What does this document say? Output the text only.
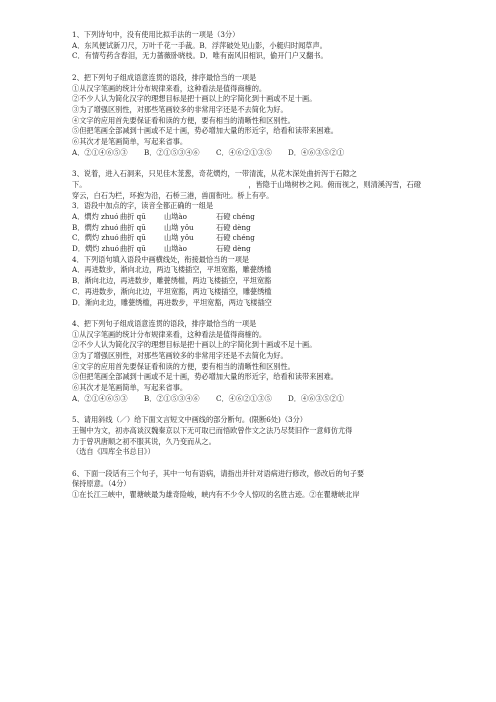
1、下列诗句中，没有使用比拟手法的一项是（3分）
A．东风便试新刀尺，万叶千花一手裁。B．浮萍破处见山影，小艇归时闻草声。
C．有情芍药含春泪，无力蔷薇卧晓枝。D．唯有南风旧相识，偷开门户又翻书。
2、把下列句子组成语意连贯的语段，排序最恰当的一项是
①从汉字笔画的统计分布规律来看，这种看法是值得商榷的。
②不少人认为简化汉字的理想目标是把十画以上的字简化到十画或不足十画。
③为了增强区别性，对那些笔画较多的非常用字还是不去简化为好。
④文字的应用首先要保证看和读的方便，要有相当的清晰性和区别性。
⑤但把笔画全部减到十画或不足十画，势必增加大量的形近字，给看和读带来困难。
⑥其次才是笔画简单，写起来省事。
A．②①④⑥⑤③	B．②①⑤③④⑥	C．④⑥②①③⑤	D．④⑥③⑤②①
3、说着，进入石洞来，只见佳木茏葱，奇花熌灼，一带清流，从花木深处曲折泻于石隙之
下。	，皆隐于山坳树杪之间。俯而视之，则清溪泻雪，石磴
穿云，白石为栏，环抱为沿，石桥三港，兽面衔吐。桥上有亭。
3．语段中加点的字，读音全都正确的一组是
A．熌灼 zhuó 曲折 qū	山坳ào	石磴 chéng
B．熌灼 zhuó曲折 qū	山坳 yǒu	石磴 dèng
C．熌灼 zhuó曲折 qū	山坳 yǒu	石磴 chéng
D．熌灼 zhuó曲折 qū	山坳ào	石磴 dèng
4．下列语句填入语段中画横线处，衔接最恰当的一项是
A．再进数步，渐向北边，两边飞楼插空，平坦宽豁，雕甍绣槛
B．渐向北边，再进数步，雕甍绣槛，两边飞楼插空，平坦宽豁
C．再进数步，渐向北边，平坦宽豁，两边飞楼插空，雕甍绣槛
D．渐向北边，雕甍绣槛，再进数步，平坦宽豁，两边飞楼插空
4、把下列句子组成语意连贯的语段，排序最恰当的一项是
①从汉字笔画的统计分布规律来看，这种看法是值得商榷的。
②不少人认为简化汉字的理想目标是把十画以上的字简化到十画或不足十画。
③为了增强区别性，对那些笔画较多的非常用字还是不去简化为好。
④文字的应用首先要保证看和读的方便，要有相当的清晰性和区别性。
⑤但把笔画全部减到十画或不足十画，势必增加大量的形近字，给看和读带来困难。
⑥其次才是笔画简单，写起来省事。
A．②①④⑥⑤③	B．②①⑤③④⑥	C．④⑥②①③⑤	D．④⑥③⑤②①
5、请用斜线（／）给下面文言短文中画线的部分断句。(限断6处)（3分）
王锡中为文，初亦高谈汉魏秦京以下无可取已而悟欧曾作文之法乃尽焚旧作一意师仿尤得
力于曾巩唐顺之初不服其说，久乃变而从之。
（选自《四库全书总目》）
6、下面一段话有三个句子，其中一句有语病，请指出并针对语病进行修改，修改后的句子要
保持原意。（4分）
①在长江三峡中，瞿塘峡最为雄奇险峻，峡内有不少令人惊叹的名胜古迹。②在瞿塘峡北岸
